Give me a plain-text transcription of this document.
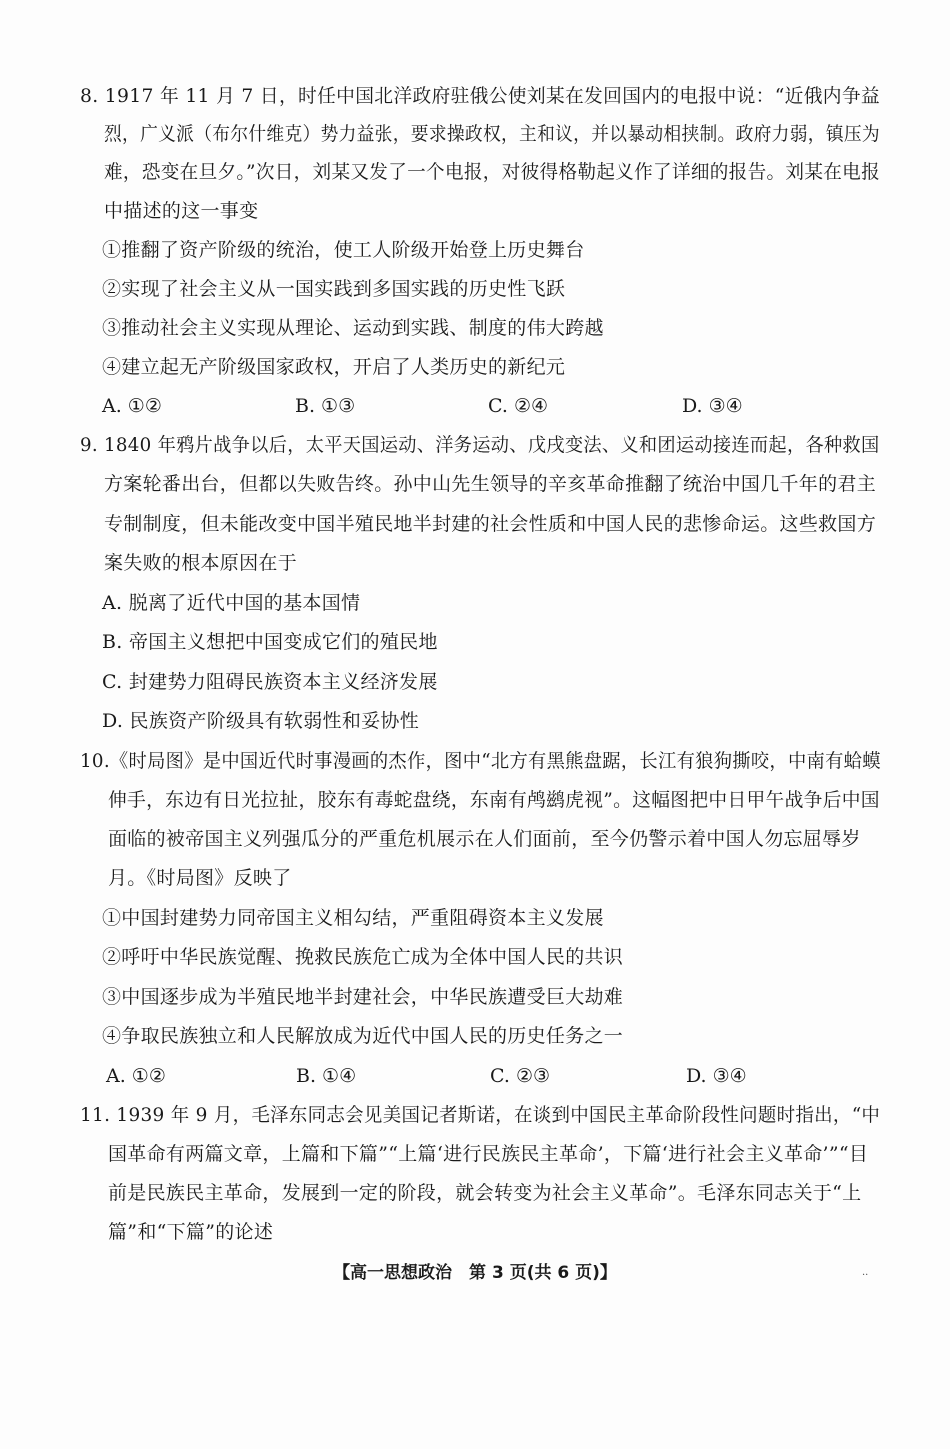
8. 1917 年 11 月 7 日，时任中国北洋政府驻俄公使刘某在发回国内的电报中说：“近俄内争益
烈，广义派（布尔什维克）势力益张，要求操政权，主和议，并以暴动相挟制。政府力弱，镇压为
难，恐变在旦夕。”次日，刘某又发了一个电报，对彼得格勒起义作了详细的报告。刘某在电报
中描述的这一事变
①推翻了资产阶级的统治，使工人阶级开始登上历史舞台
②实现了社会主义从一国实践到多国实践的历史性飞跃
③推动社会主义实现从理论、运动到实践、制度的伟大跨越
④建立起无产阶级国家政权，开启了人类历史的新纪元
A. ①②	B. ①③	C. ②④	D. ③④
9. 1840 年鸦片战争以后，太平天国运动、洋务运动、戊戌变法、义和团运动接连而起，各种救国
方案轮番出台，但都以失败告终。孙中山先生领导的辛亥革命推翻了统治中国几千年的君主
专制制度，但未能改变中国半殖民地半封建的社会性质和中国人民的悲惨命运。这些救国方
案失败的根本原因在于
A. 脱离了近代中国的基本国情
B. 帝国主义想把中国变成它们的殖民地
C. 封建势力阻碍民族资本主义经济发展
D. 民族资产阶级具有软弱性和妥协性
10.《时局图》是中国近代时事漫画的杰作，图中“北方有黑熊盘踞，长江有狼狗撕咬，中南有蛤蟆
伸手，东边有日光拉扯，胶东有毒蛇盘绕，东南有鸬鹚虎视”。这幅图把中日甲午战争后中国
面临的被帝国主义列强瓜分的严重危机展示在人们面前，至今仍警示着中国人勿忘屈辱岁
月。《时局图》反映了
①中国封建势力同帝国主义相勾结，严重阻碍资本主义发展
②呼吁中华民族觉醒、挽救民族危亡成为全体中国人民的共识
③中国逐步成为半殖民地半封建社会，中华民族遭受巨大劫难
④争取民族独立和人民解放成为近代中国人民的历史任务之一
A. ①②	B. ①④	C. ②③	D. ③④
11. 1939 年 9 月，毛泽东同志会见美国记者斯诺，在谈到中国民主革命阶段性问题时指出，“中
国革命有两篇文章，上篇和下篇”“上篇‘进行民族民主革命’，下篇‘进行社会主义革命’”“目
前是民族民主革命，发展到一定的阶段，就会转变为社会主义革命”。毛泽东同志关于“上
篇”和“下篇”的论述
【高一思想政治　第 3 页(共 6 页)】	··
